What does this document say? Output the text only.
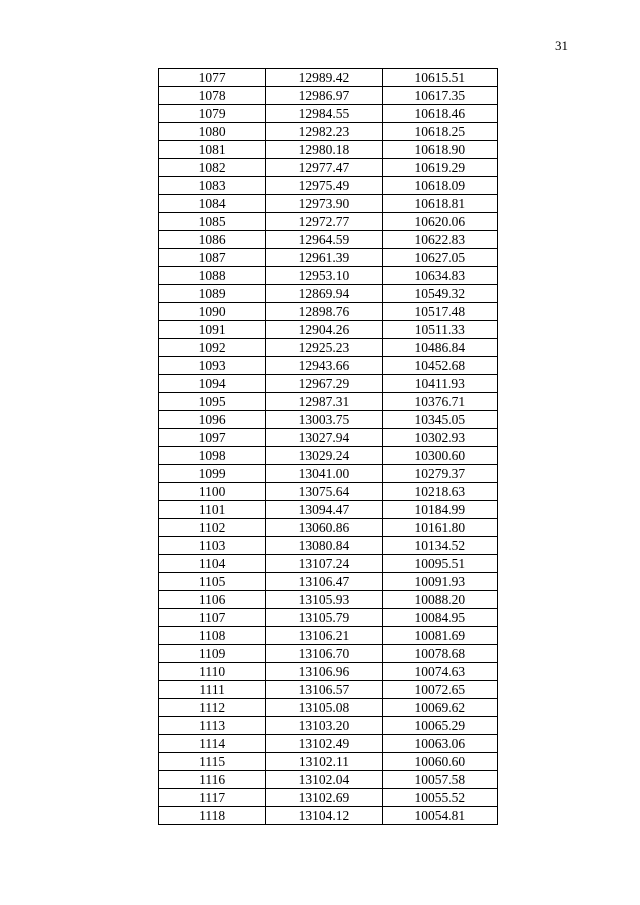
31
1077	12989.42	10615.51
1078	12986.97	10617.35
1079	12984.55	10618.46
1080	12982.23	10618.25
1081	12980.18	10618.90
1082	12977.47	10619.29
1083	12975.49	10618.09
1084	12973.90	10618.81
1085	12972.77	10620.06
1086	12964.59	10622.83
1087	12961.39	10627.05
1088	12953.10	10634.83
1089	12869.94	10549.32
1090	12898.76	10517.48
1091	12904.26	10511.33
1092	12925.23	10486.84
1093	12943.66	10452.68
1094	12967.29	10411.93
1095	12987.31	10376.71
1096	13003.75	10345.05
1097	13027.94	10302.93
1098	13029.24	10300.60
1099	13041.00	10279.37
1100	13075.64	10218.63
1101	13094.47	10184.99
1102	13060.86	10161.80
1103	13080.84	10134.52
1104	13107.24	10095.51
1105	13106.47	10091.93
1106	13105.93	10088.20
1107	13105.79	10084.95
1108	13106.21	10081.69
1109	13106.70	10078.68
1110	13106.96	10074.63
1111	13106.57	10072.65
1112	13105.08	10069.62
1113	13103.20	10065.29
1114	13102.49	10063.06
1115	13102.11	10060.60
1116	13102.04	10057.58
1117	13102.69	10055.52
1118	13104.12	10054.81
